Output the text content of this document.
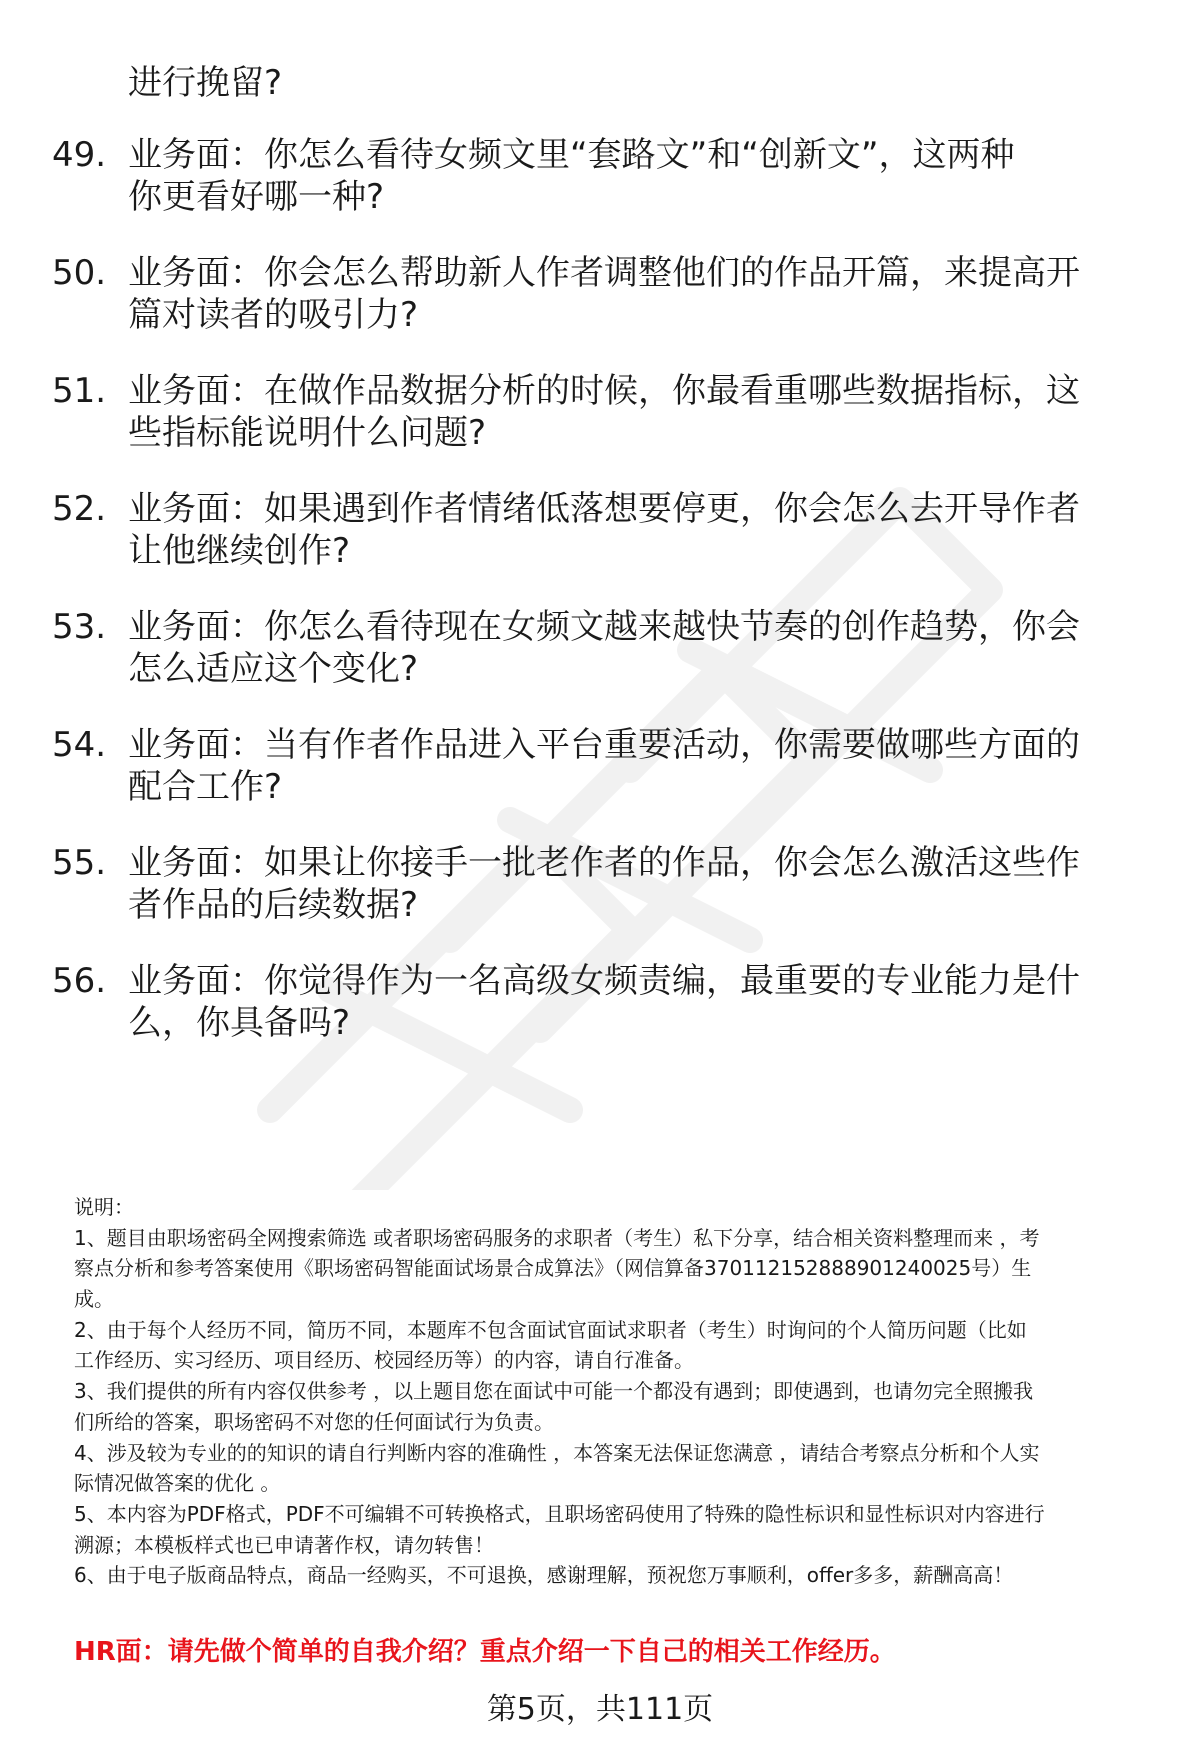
进行挽留?
49. 业务面：你怎么看待女频文里“套路文”和“创新文”，这两种
你更看好哪一种?
50. 业务面：你会怎么帮助新人作者调整他们的作品开篇，来提高开
篇对读者的吸引力?
51. 业务面：在做作品数据分析的时候，你最看重哪些数据指标，这
些指标能说明什么问题?
52. 业务面：如果遇到作者情绪低落想要停更，你会怎么去开导作者
让他继续创作?
53. 业务面：你怎么看待现在女频文越来越快节奏的创作趋势，你会
怎么适应这个变化?
54. 业务面：当有作者作品进入平台重要活动，你需要做哪些方面的
配合工作?
55. 业务面：如果让你接手一批老作者的作品，你会怎么激活这些作
者作品的后续数据?
56. 业务面：你觉得作为一名高级女频责编，最重要的专业能力是什
么，你具备吗?
说明：
1、题目由职场密码全网搜索筛选 或者职场密码服务的求职者（考生）私下分享，结合相关资料整理而来 ，考
察点分析和参考答案使用《职场密码智能面试场景合成算法》（网信算备370112152888901240025号）生
成。
2、由于每个人经历不同，简历不同，本题库不包含面试官面试求职者（考生）时询问的个人简历问题（比如
工作经历、实习经历、项目经历、校园经历等）的内容，请自行准备。
3、我们提供的所有内容仅供参考 ，以上题目您在面试中可能一个都没有遇到；即使遇到，也请勿完全照搬我
们所给的答案，职场密码不对您的任何面试行为负责。
4、涉及较为专业的的知识的请自行判断内容的准确性 ，本答案无法保证您满意 ，请结合考察点分析和个人实
际情况做答案的优化 。
5、本内容为PDF格式，PDF不可编辑不可转换格式，且职场密码使用了特殊的隐性标识和显性标识对内容进行
溯源；本模板样式也已申请著作权，请勿转售！
6、由于电子版商品特点，商品一经购买，不可退换，感谢理解，预祝您万事顺利，offer多多，薪酬高高！
HR面：请先做个简单的自我介绍？重点介绍一下自己的相关工作经历。
第5页，共111页
